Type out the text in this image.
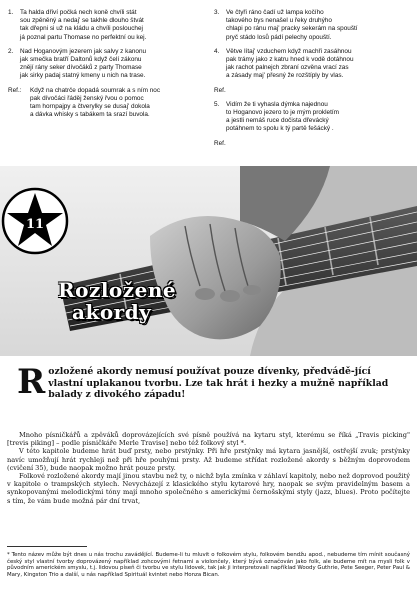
1.	Ta halda dřiví počká nech koně chvíli stát
sou zpěněný a nedaj' se takhle dlouho štvát
tak dřepni si už na kládu a chvíli poslouchej
já poznal partu Thomase no perfektní ou kej.
2.	Nad Hoganovým jezerem jak salvy z kanonu
jak smečka bratří Daltonů když čelí zákonu
znějí rány seker dívočáků z party Thomase
jak sirky padaj statný kmeny u nich na trase.
Ref.:	Když na chatrče dopadá soumrak a s ním noc
pak dívočáci řáděj ženský řvou o pomoc
tam hornpajpy a čtverylky se dusaj' dokola
a dávka whisky s tabákem ta srazí buvola.
3.	Ve čtyři ráno čadí už lampa kočího
takového bys nenašel u řeky druhýho
chlapi po ránu maj' pracky sekerám na spouští
pryč stádo losů pádí pelechy opouští.
4.	Větve lítaj' vzduchem když machři zasáhnou
pak trámy jako z katru hned k vodě dotáhnou
jak rachot palnejch zbraní ozvěna vrací zas
a zásady maj' přesný že rozštíply by vlas.
Ref.
5.	Vidím že ti vyhasla dýmka najednou
to Hoganovo jezero to je mým prokletím
a jestli nemáš ruce dočista dřevácký
potáhnem to spolu k tý partě fešácký .
Ref.
11
Rozložené
akordy
Rozložené akordy nemusí používat pouze dívenky, předvádě-jící vlastní uplakanou tvorbu. Lze tak hrát i hezky a mužně například balady z divokého západu!

Mnoho písničkářů a zpěváků doprovázejících své písně používá na kytaru styl, kterému se říká „Travis picking" [trevis piking] – podle písničkáře Merle Travise] nebo též folkový styl *.

V této kapitole budeme hrát buď prsty, nebo prstýnky. Při hře prstýnky má kytara jasnější, ostřejší zvuk; prstýnky navíc umožňují hrát rychleji než při hře pouhými prsty. Až budeme střídat rozložené akordy s běžným doprovodem (cvičení 35), bude naopak možno hrát pouze prsty.

Folkové rozložené akordy mají jinou stavbu než ty, o nichž byla zmínka v záhlaví kapitoly, nebo než doprovod použitý v kapitole o trampských stylech. Nevycházejí z klasického stylu kytarové hry, naopak se svým pravidelným basem a synkopovanými melodickými tóny mají mnoho společného s americkými černošskými styly (jazz, blues). Proto počítejte s tím, že vám bude možná pár dní trvat,

* Tento název může být dnes u nás trochu zavádějící. Budeme-li tu mluvit o folkovém stylu, folkovém bendžu apod., nebudeme tím mínit současný český styl vlastní tvorby doprovázený například zohcovými řetnami a violončely, který bývá označován jako folk, ale budeme mít na mysli folk v původním americkém smyslu, t.j. lidovou píseň či tvorbu ve stylu lidovek, tak jak ji interpretovali například Woody Guthrie, Pete Seeger, Peter Paul & Mary, Kingston Trio a další, u nás například Spirituál kvintet nebo Honza Bican.
